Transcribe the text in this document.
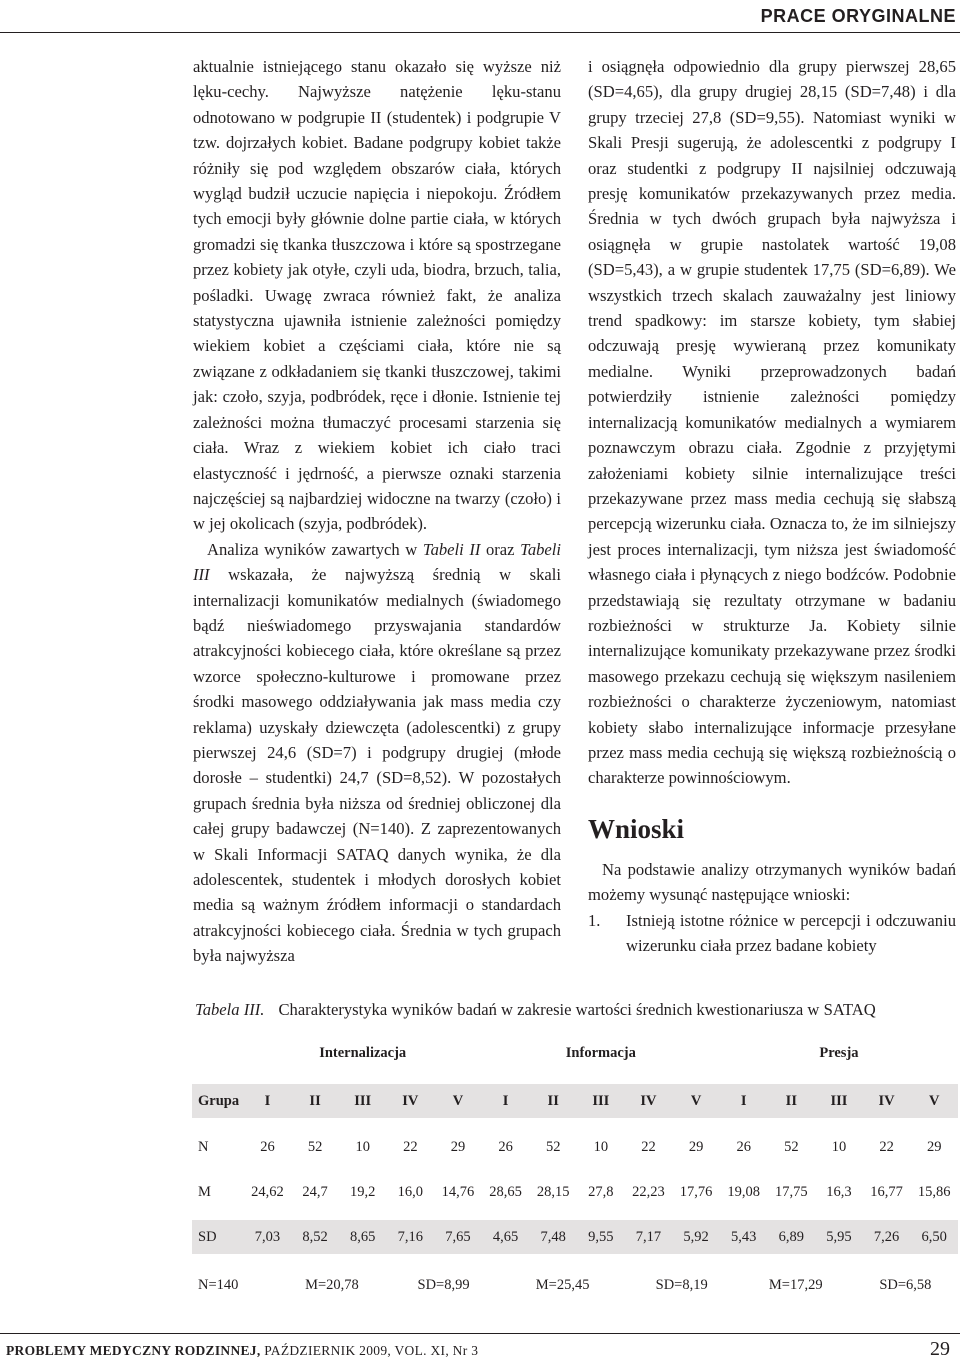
PRACE ORYGINALNE

aktualnie istniejącego stanu okazało się wyższe niż lęku-cechy. Najwyższe natężenie lęku-stanu odnotowano w podgrupie II (studentek) i podgrupie V tzw. dojrzałych kobiet. Badane podgrupy kobiet także różniły się pod względem obszarów ciała, których wygląd budził uczucie napięcia i niepokoju. Źródłem tych emocji były głównie dolne partie ciała, w których gromadzi się tkanka tłuszczowa i które są spostrzegane przez kobiety jak otyłe, czyli uda, biodra, brzuch, talia, pośladki. Uwagę zwraca również fakt, że analiza statystyczna ujawniła istnienie zależności pomiędzy wiekiem kobiet a częściami ciała, które nie są związane z odkładaniem się tkanki tłuszczowej, takimi jak: czoło, szyja, podbródek, ręce i dłonie. Istnienie tej zależności można tłumaczyć procesami starzenia się ciała. Wraz z wiekiem kobiet ich ciało traci elastyczność i jędrność, a pierwsze oznaki starzenia najczęściej są najbardziej widoczne na twarzy (czoło) i w jej okolicach (szyja, podbródek).

Analiza wyników zawartych w Tabeli II oraz Tabeli III wskazała, że najwyższą średnią w skali internalizacji komunikatów medialnych (świadomego bądź nieświadomego przyswajania standardów atrakcyjności kobiecego ciała, które określane są przez wzorce społeczno-kulturowe i promowane przez środki masowego oddziaływania jak mass media czy reklama) uzyskały dziewczęta (adolescentki) z grupy pierwszej 24,6 (SD=7) i podgrupy drugiej (młode dorosłe – studentki) 24,7 (SD=8,52). W pozostałych grupach średnia była niższa od średniej obliczonej dla całej grupy badawczej (N=140). Z zaprezentowanych w Skali Informacji SATAQ danych wynika, że dla adolescentek, studentek i młodych dorosłych kobiet media są ważnym źródłem informacji o standardach atrakcyjności kobiecego ciała. Średnia w tych grupach była najwyższa

i osiągnęła odpowiednio dla grupy pierwszej 28,65 (SD=4,65), dla grupy drugiej 28,15 (SD=7,48) i dla grupy trzeciej 27,8 (SD=9,55). Natomiast wyniki w Skali Presji sugerują, że adolescentki z podgrupy I oraz studentki z podgrupy II najsilniej odczuwają presję komunikatów przekazywanych przez media. Średnia w tych dwóch grupach była najwyższa i osiągnęła w grupie nastolatek wartość 19,08 (SD=5,43), a w grupie studentek 17,75 (SD=6,89). We wszystkich trzech skalach zauważalny jest liniowy trend spadkowy: im starsze kobiety, tym słabiej odczuwają presję wywieraną przez komunikaty medialne. Wyniki przeprowadzonych badań potwierdziły istnienie zależności pomiędzy internalizacją komunikatów medialnych a wymiarem poznawczym obrazu ciała. Zgodnie z przyjętymi założeniami kobiety silnie internalizujące treści przekazywane przez mass media cechują się słabszą percepcją wizerunku ciała. Oznacza to, że im silniejszy jest proces internalizacji, tym niższa jest świadomość własnego ciała i płynących z niego bodźców. Podobnie przedstawiają się rezultaty otrzymane w badaniu rozbieżności w strukturze Ja. Kobiety silnie internalizujące komunikaty przekazywane przez środki masowego przekazu cechują się większym nasileniem rozbieżności o charakterze życzeniowym, natomiast kobiety słabo internalizujące informacje przesyłane przez mass media cechują się większą rozbieżnością o charakterze powinnościowym.

Wnioski

Na podstawie analizy otrzymanych wyników badań możemy wysunąć następujące wnioski:

1.	Istnieją istotne różnice w percepcji i odczuwaniu wizerunku ciała przez badane kobiety
Tabela III. Charakterystyka wyników badań w zakresie wartości średnich kwestionariusza w SATAQ
Internalizacja	Informacja	Presja
Grupa	I	II	III	IV	V	I	II	III	IV	V	I	II	III	IV	V
N	26	52	10	22	29	26	52	10	22	29	26	52	10	22	29
M	24,62	24,7	19,2	16,0	14,76	28,65	28,15	27,8	22,23	17,76	19,08	17,75	16,3	16,77	15,86
SD	7,03	8,52	8,65	7,16	7,65	4,65	7,48	9,55	7,17	5,92	5,43	6,89	5,95	7,26	6,50
N=140	M=20,78	SD=8,99	M=25,45	SD=8,19	M=17,29	SD=6,58
PROBLEMY MEDYCZNY RODZINNEJ, PAŹDZIERNIK 2009, VOL. XI, Nr 3	29
